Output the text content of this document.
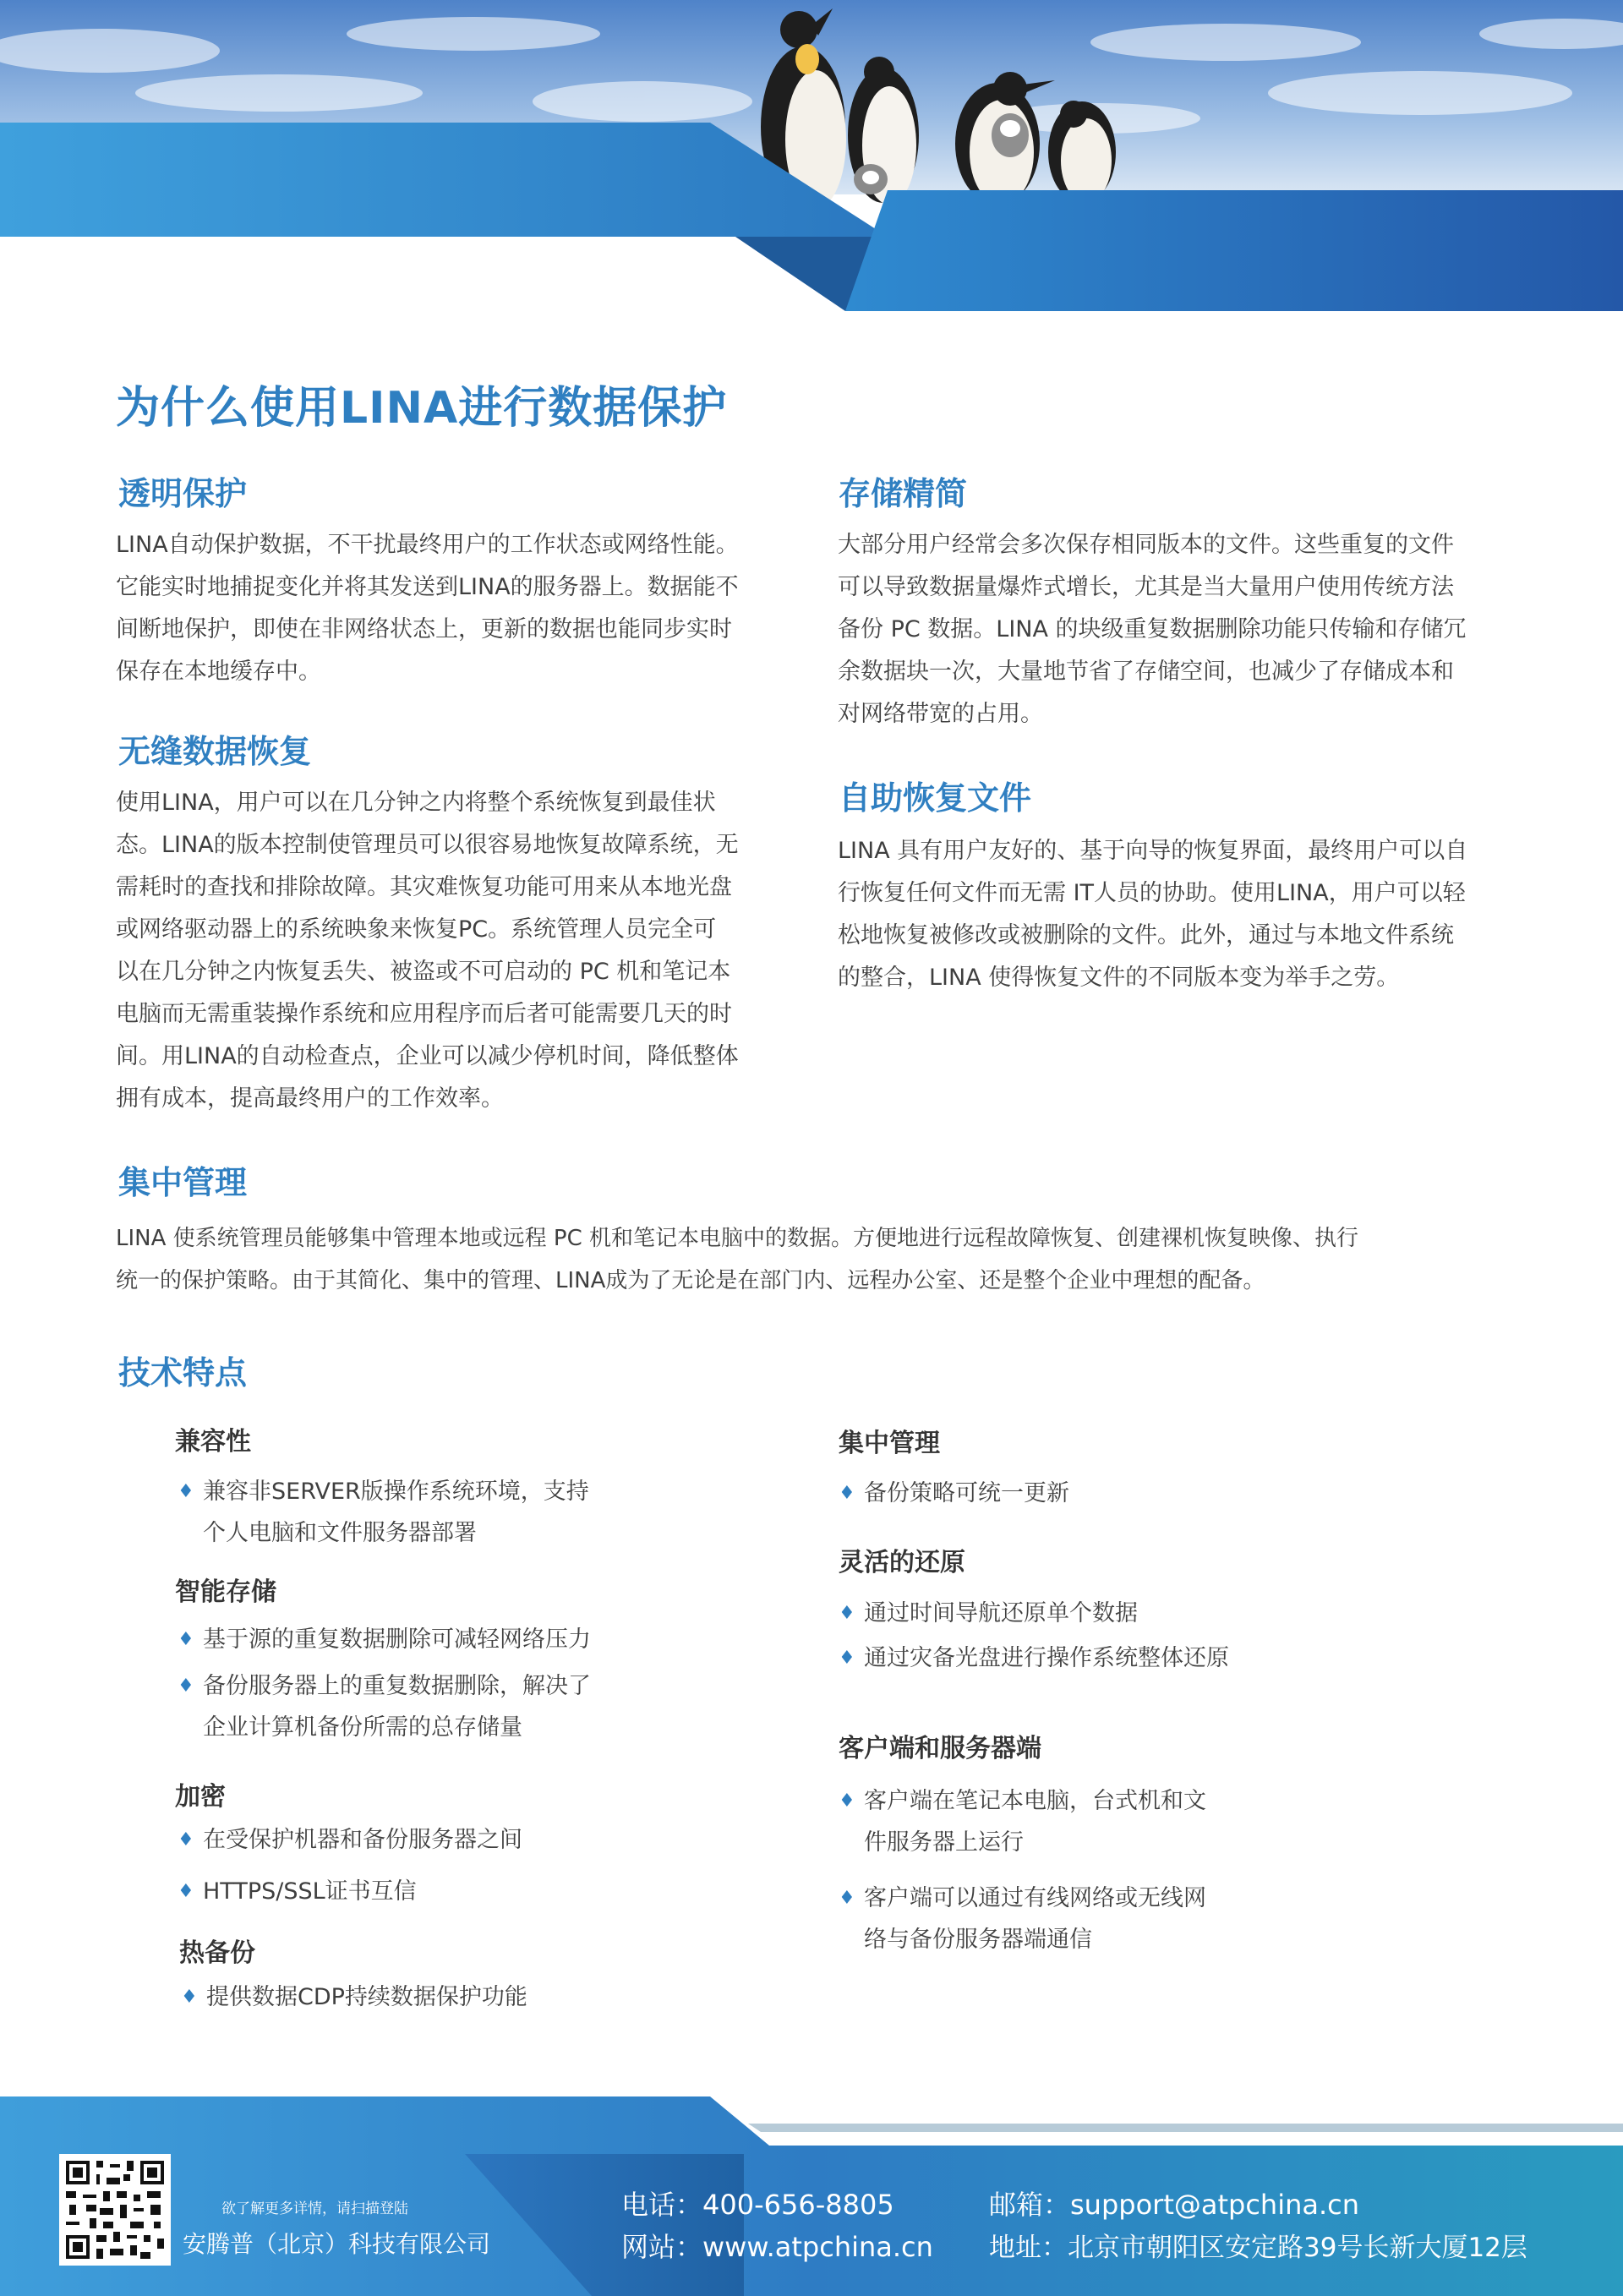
为什么使用LINA进行数据保护
透明保护
LINA自动保护数据，不干扰最终用户的工作状态或网络性能。
它能实时地捕捉变化并将其发送到LINA的服务器上。数据能不
间断地保护，即使在非网络状态上，更新的数据也能同步实时
保存在本地缓存中。
存储精简
大部分用户经常会多次保存相同版本的文件。这些重复的文件
可以导致数据量爆炸式增长，尤其是当大量用户使用传统方法
备份 PC 数据。LINA 的块级重复数据删除功能只传输和存储冗
余数据块一次，大量地节省了存储空间，也减少了存储成本和
对网络带宽的占用。
无缝数据恢复
使用LINA，用户可以在几分钟之内将整个系统恢复到最佳状
态。LINA的版本控制使管理员可以很容易地恢复故障系统，无
需耗时的查找和排除故障。其灾难恢复功能可用来从本地光盘
或网络驱动器上的系统映象来恢复PC。系统管理人员完全可
以在几分钟之内恢复丢失、被盗或不可启动的 PC 机和笔记本
电脑而无需重装操作系统和应用程序而后者可能需要几天的时
间。用LINA的自动检查点，企业可以减少停机时间，降低整体
拥有成本，提高最终用户的工作效率。
自助恢复文件
LINA 具有用户友好的、基于向导的恢复界面，最终用户可以自
行恢复任何文件而无需 IT人员的协助。使用LINA，用户可以轻
松地恢复被修改或被删除的文件。此外，通过与本地文件系统
的整合，LINA 使得恢复文件的不同版本变为举手之劳。
集中管理
LINA 使系统管理员能够集中管理本地或远程 PC 机和笔记本电脑中的数据。方便地进行远程故障恢复、创建裸机恢复映像、执行
统一的保护策略。由于其简化、集中的管理、LINA成为了无论是在部门内、远程办公室、还是整个企业中理想的配备。
技术特点
兼容性
♦ 兼容非SERVER版操作系统环境，支持
个人电脑和文件服务器部署
智能存储
♦ 基于源的重复数据删除可减轻网络压力
♦ 备份服务器上的重复数据删除，解决了
企业计算机备份所需的总存储量
加密
♦ 在受保护机器和备份服务器之间
♦ HTTPS/SSL证书互信
热备份
♦ 提供数据CDP持续数据保护功能
集中管理
♦ 备份策略可统一更新
灵活的还原
♦ 通过时间导航还原单个数据
♦ 通过灾备光盘进行操作系统整体还原
客户端和服务器端
♦ 客户端在笔记本电脑，台式机和文
件服务器上运行
♦ 客户端可以通过有线网络或无线网
络与备份服务器端通信
欲了解更多详情，请扫描登陆
安腾普（北京）科技有限公司
电话：400-656-8805
网站：www.atpchina.cn
邮箱：support@atpchina.cn
地址：北京市朝阳区安定路39号长新大厦12层
